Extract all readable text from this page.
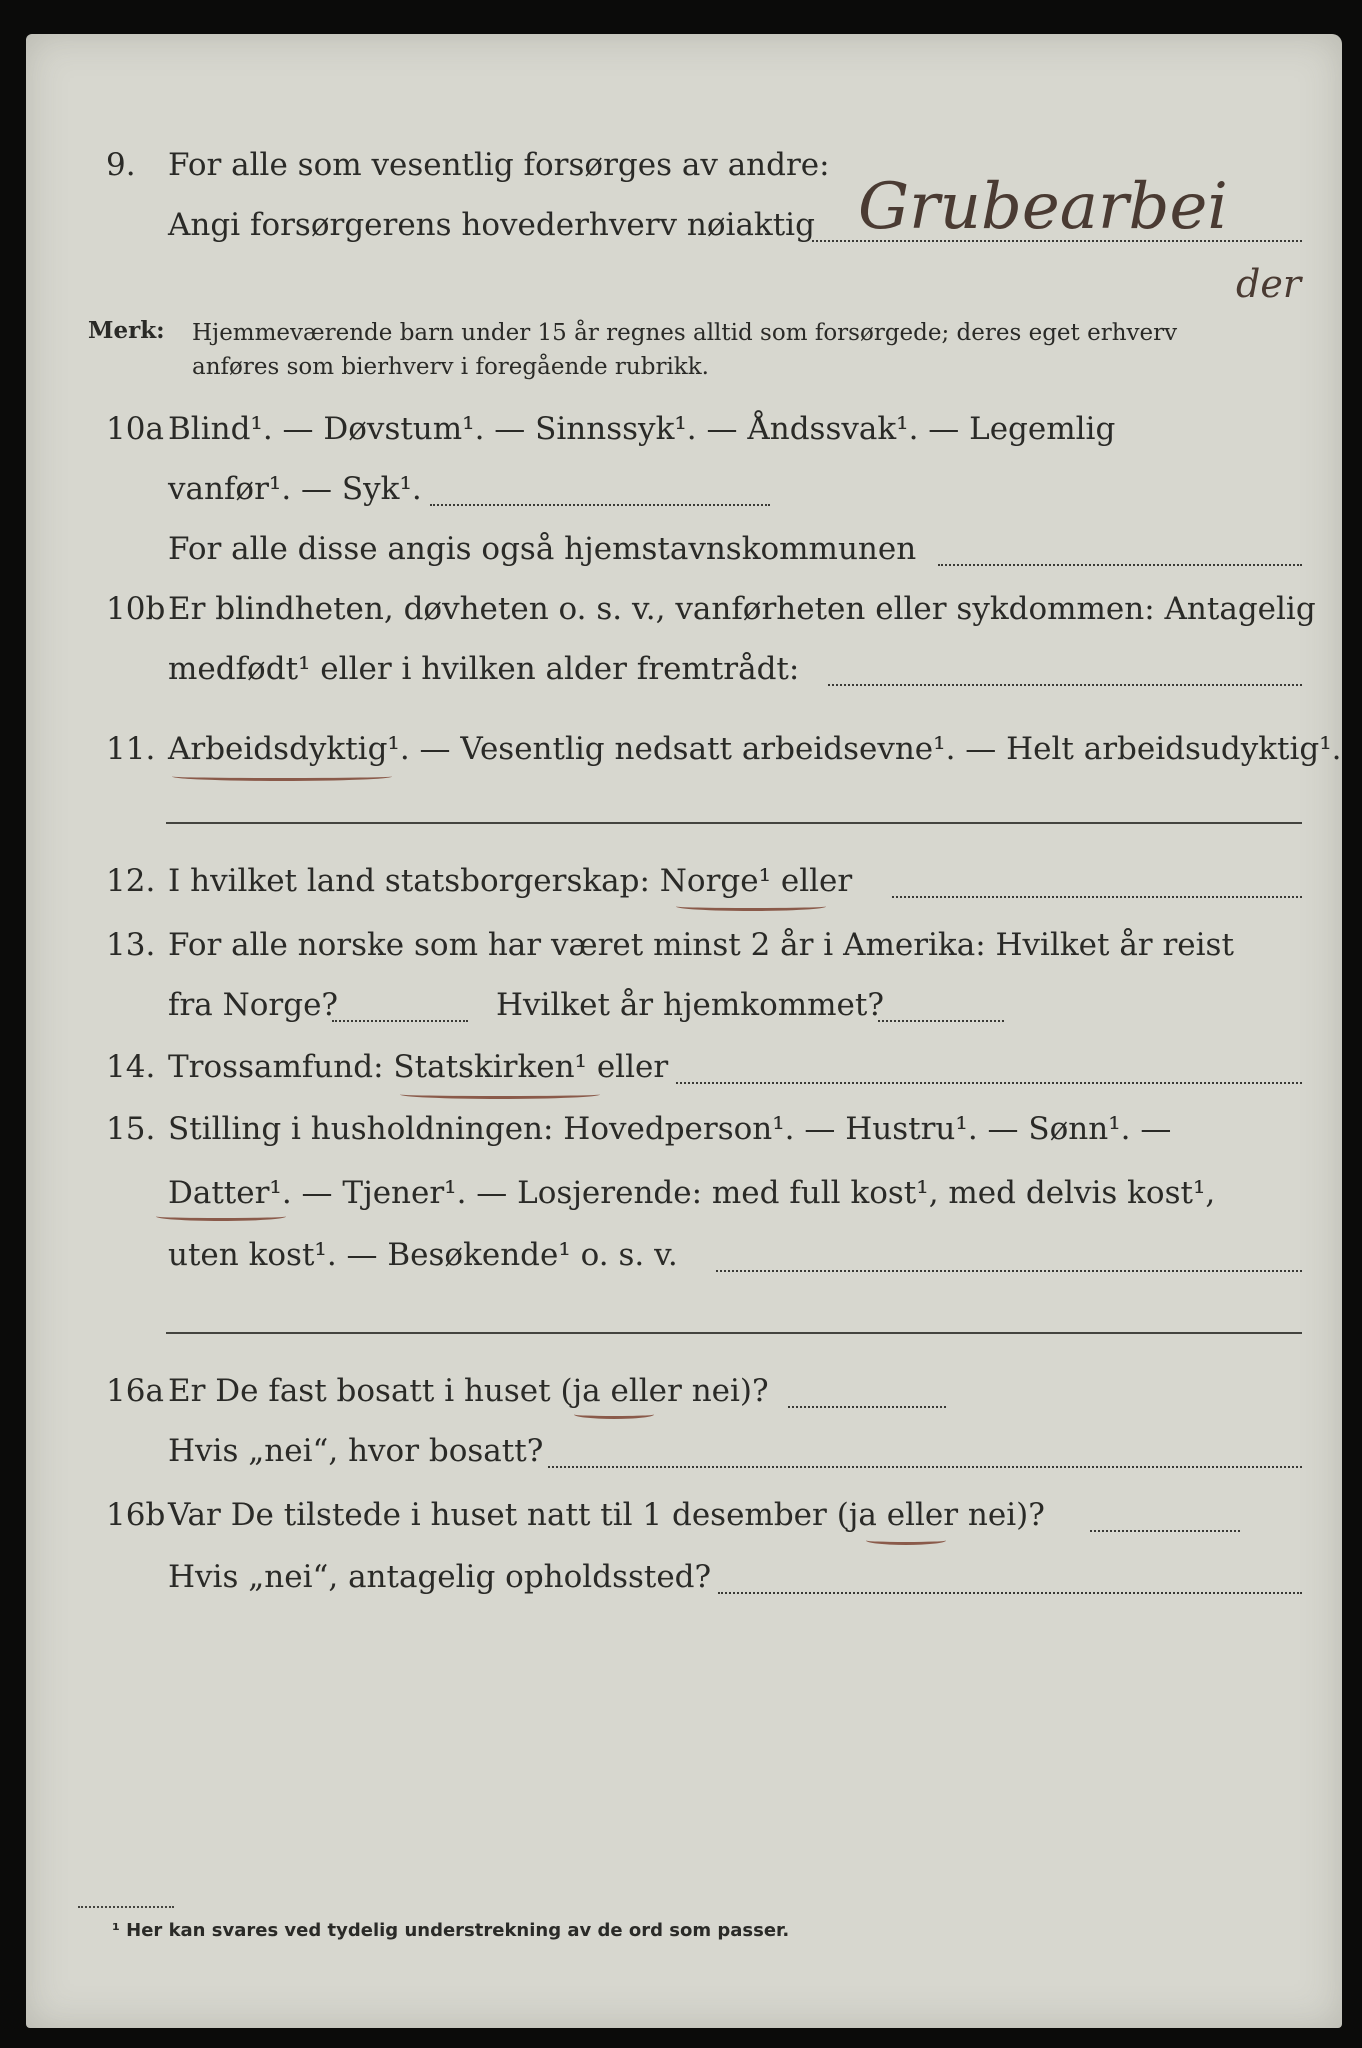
9. For alle som vesentlig forsørges av andre:
Angi forsørgerens hovederhverv nøiaktig Grubearbei
der
Merk: Hjemmeværende barn under 15 år regnes alltid som forsørgede; deres eget erhverv
anføres som bierhverv i foregående rubrikk.
10a Blind¹. — Døvstum¹. — Sinnssyk¹. — Åndssvak¹. — Legemlig
vanfør¹. — Syk¹.
For alle disse angis også hjemstavnskommunen
10b Er blindheten, døvheten o. s. v., vanførheten eller sykdommen: Antagelig
medfødt¹ eller i hvilken alder fremtrådt:
11. Arbeidsdyktig¹. — Vesentlig nedsatt arbeidsevne¹. — Helt arbeidsudyktig¹.
12. I hvilket land statsborgerskap: Norge¹ eller
13. For alle norske som har været minst 2 år i Amerika: Hvilket år reist
fra Norge?	Hvilket år hjemkommet?
14. Trossamfund: Statskirken¹ eller
15. Stilling i husholdningen: Hovedperson¹. — Hustru¹. — Sønn¹. —
Datter¹. — Tjener¹. — Losjerende: med full kost¹, med delvis kost¹,
uten kost¹. — Besøkende¹ o. s. v.
16a Er De fast bosatt i huset (ja eller nei)?
Hvis „nei“, hvor bosatt?
16b Var De tilstede i huset natt til 1 desember (ja eller nei)?
Hvis „nei“, antagelig opholdssted?
¹ Her kan svares ved tydelig understrekning av de ord som passer.
